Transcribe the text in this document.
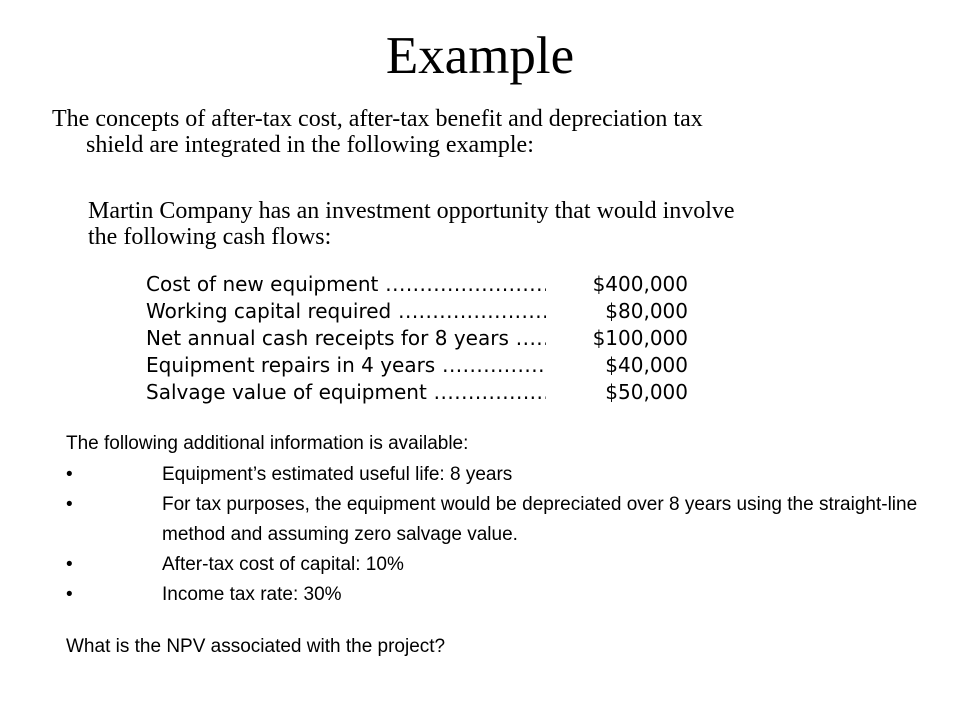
Example

The concepts of after-tax cost, after-tax benefit and depreciation tax
shield are integrated in the following example:

Martin Company has an investment opportunity that would involve
the following cash flows:

Cost of new equipment .....	$400,000
Working capital required .....	$80,000
Net annual cash receipts for 8 years .....	$100,000
Equipment repairs in 4 years .....	$40,000
Salvage value of equipment .....	$50,000
The following additional information is available:
•	Equipment’s estimated useful life: 8 years
•	For tax purposes, the equipment would be depreciated over 8 years using the straight-line method and assuming zero salvage value.
•	After-tax cost of capital: 10%
•	Income tax rate: 30%
What is the NPV associated with the project?
